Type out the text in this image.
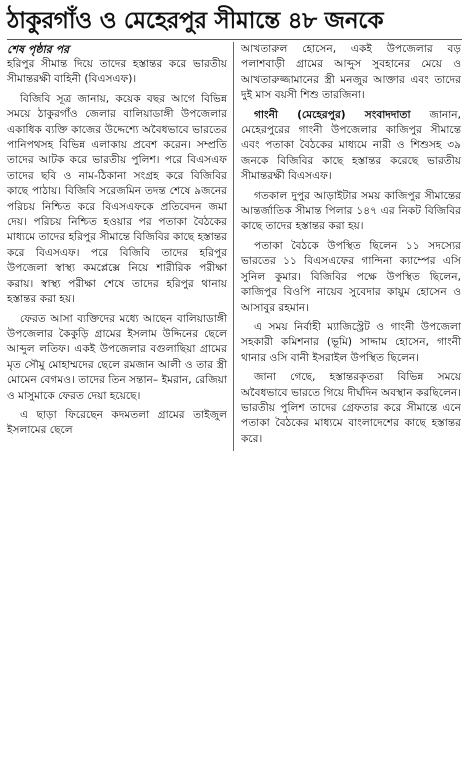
ঠাকুরগাঁও ও মেহেরপুর সীমান্তে ৪৮ জনকে
শেষ পৃষ্ঠার পর

হরিপুর সীমান্ত দিয়ে তাদের হস্তান্তর করে ভারতীয় সীমান্তরক্ষী বাহিনী (বিএসএফ)।

বিজিবি সূত্র জানায়, কয়েক বছর আগে বিভিন্ন সময়ে ঠাকুরগাঁও জেলার বালিয়াডাঙ্গী উপজেলার একাধিক ব্যক্তি কাজের উদ্দেশ্যে অবৈধভাবে ভারতের পানিপথসহ বিভিন্ন এলাকায় প্রবেশ করেন। সম্প্রতি তাদের আটক করে ভারতীয় পুলিশ। পরে বিএসএফ তাদের ছবি ও নাম-ঠিকানা সংগ্রহ করে বিজিবির কাছে পাঠায়। বিজিবি সরেজমিন তদন্ত শেষে ৯জনের পরিচয় নিশ্চিত করে বিএসএফকে প্রতিবেদন জমা দেয়। পরিচয় নিশ্চিত হওয়ার পর পতাকা বৈঠকের মাধ্যমে তাদের হরিপুর সীমান্তে বিজিবির কাছে হস্তান্তর করে বিএসএফ। পরে বিজিবি তাদের হরিপুর উপজেলা স্বাস্থ্য কমপ্লেক্সে নিয়ে শারীরিক পরীক্ষা করায়। স্বাস্থ্য পরীক্ষা শেষে তাদের হরিপুর থানায় হস্তান্তর করা হয়।

ফেরত আসা ব্যক্তিদের মধ্যে আছেন বালিয়াডাঙ্গী উপজেলার কৈকুড়ি গ্রামের ইসলাম উদ্দিনের ছেলে আব্দুল লতিফ। একই উপজেলার বগুলাছিয়া গ্রামের মৃত সৌমু মোহাম্মদের ছেলে রমজান আলী ও তার স্ত্রী মোমেন বেগমও। তাদের তিন সন্তান– ইমরান, রেজিয়া ও মাসুমাকে ফেরত দেয়া হয়েছে।

এ ছাড়া ফিরেছেন কদমতলা গ্রামের তাইজুল ইসলামের ছেলে

আখতারুল হোসেন, একই উপজেলার বড় পলাশবাড়ী গ্রামের আব্দুস সুবহানের মেয়ে ও আখতারুজ্জামানের স্ত্রী মনজুর আক্তার এবং তাদের দুই মাস বয়সী শিশু তারজিনা।

গাংনী (মেহেরপুর) সংবাদদাতা জানান, মেহেরপুরের গাংনী উপজেলার কাজিপুর সীমান্তে এবং পতাকা বৈঠকের মাধ্যমে নারী ও শিশুসহ ৩৯ জনকে বিজিবির কাছে হস্তান্তর করেছে ভারতীয় সীমান্তরক্ষী বিএসএফ।

গতকাল দুপুর আড়াইটার সময় কাজিপুর সীমান্তের আন্তর্জাতিক সীমান্ত পিলার ১৪৭ এর নিকট বিজিবির কাছে তাদের হস্তান্তর করা হয়।

পতাকা বৈঠকে উপস্থিত ছিলেন ১১ সদস্যের ভারতের ১১ বিএসএফের গান্দিনা ক্যাম্পের এসি সুনিল কুমার। বিজিবির পক্ষে উপস্থিত ছিলেন, কাজিপুর বিওপি নায়েব সুবেদার কায়ুম হোসেন ও আসাবুর রহমান।

এ সময় নির্বাহী ম্যাজিস্ট্রেট ও গাংনী উপজেলা সহকারী কমিশনার (ভূমি) সাদ্দাম হোসেন, গাংনী থানার ওসি বানী ইসরাইল উপস্থিত ছিলেন।

জানা গেছে, হস্তান্তরকৃতরা বিভিন্ন সময়ে অবৈধভাবে ভারতে গিয়ে দীর্ঘদিন অবস্থান করছিলেন। ভারতীয় পুলিশ তাদের গ্রেফতার করে সীমান্তে এনে পতাকা বৈঠকের মাধ্যমে বাংলাদেশের কাছে হস্তান্তর করে।
